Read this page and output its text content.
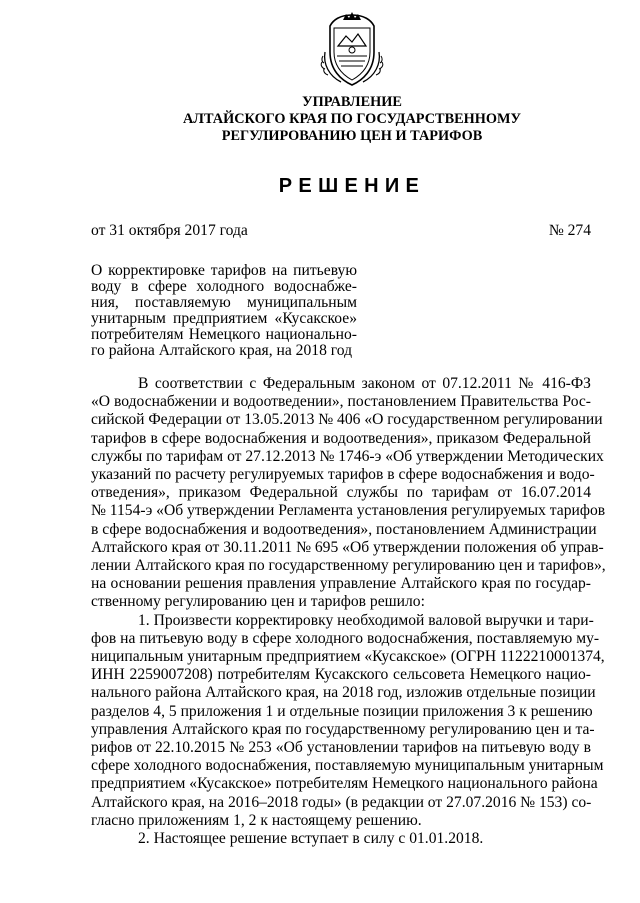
УПРАВЛЕНИЕ
АЛТАЙСКОГО КРАЯ ПО ГОСУДАРСТВЕННОМУ
РЕГУЛИРОВАНИЮ ЦЕН И ТАРИФОВ
РЕШЕНИЕ
от 31 октября 2017 года	№ 274
О корректировке тарифов на питьевую
воду в сфере холодного водоснабже-
ния, поставляемую муниципальным
унитарным предприятием «Кусакское»
потребителям Немецкого национально-
го района Алтайского края, на 2018 год
В соответствии с Федеральным законом от 07.12.2011 № 416-ФЗ
«О водоснабжении и водоотведении», постановлением Правительства Рос-
сийской Федерации от 13.05.2013 № 406 «О государственном регулировании
тарифов в сфере водоснабжения и водоотведения», приказом Федеральной
службы по тарифам от 27.12.2013 № 1746-э «Об утверждении Методических
указаний по расчету регулируемых тарифов в сфере водоснабжения и водо-
отведения», приказом Федеральной службы по тарифам от 16.07.2014
№ 1154-э «Об утверждении Регламента установления регулируемых тарифов
в сфере водоснабжения и водоотведения», постановлением Администрации
Алтайского края от 30.11.2011 № 695 «Об утверждении положения об управ-
лении Алтайского края по государственному регулированию цен и тарифов»,
на основании решения правления управление Алтайского края по государ-
ственному регулированию цен и тарифов решило:
1. Произвести корректировку необходимой валовой выручки и тари-
фов на питьевую воду в сфере холодного водоснабжения, поставляемую му-
ниципальным унитарным предприятием «Кусакское» (ОГРН 1122210001374,
ИНН 2259007208) потребителям Кусакского сельсовета Немецкого нацио-
нального района Алтайского края, на 2018 год, изложив отдельные позиции
разделов 4, 5 приложения 1 и отдельные позиции приложения 3 к решению
управления Алтайского края по государственному регулированию цен и та-
рифов от 22.10.2015 № 253 «Об установлении тарифов на питьевую воду в
сфере холодного водоснабжения, поставляемую муниципальным унитарным
предприятием «Кусакское» потребителям Немецкого национального района
Алтайского края, на 2016–2018 годы» (в редакции от 27.07.2016 № 153) со-
гласно приложениям 1, 2 к настоящему решению.
2. Настоящее решение вступает в силу с 01.01.2018.
